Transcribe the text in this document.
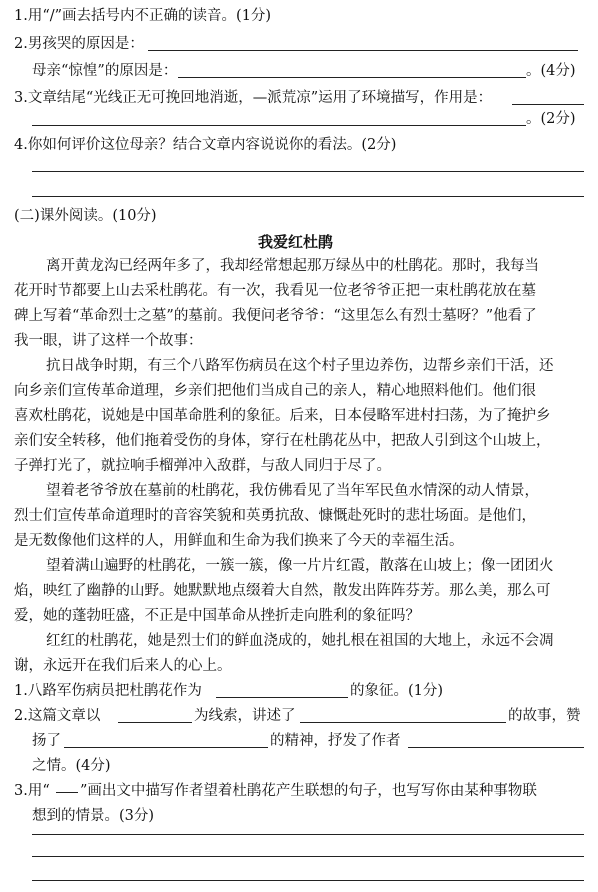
1.用“/”画去括号内不正确的读音。(1分)
2.男孩哭的原因是：
母亲“惊惶”的原因是：	。(4分)
3.文章结尾“光线正无可挽回地消逝，—派荒凉”运用了环境描写，作用是：
。(2分)
4.你如何评价这位母亲？结合文章内容说说你的看法。(2分)
(二)课外阅读。(10分)
我爱红杜鹃
离开黄龙沟已经两年多了，我却经常想起那万绿丛中的杜鹃花。那时，我每当
花开时节都要上山去采杜鹃花。有一次，我看见一位老爷爷正把一束杜鹃花放在墓
碑上写着“革命烈士之墓”的墓前。我便问老爷爷：“这里怎么有烈士墓呀？”他看了
我一眼，讲了这样一个故事：
抗日战争时期，有三个八路军伤病员在这个村子里边养伤，边帮乡亲们干活，还
向乡亲们宣传革命道理，乡亲们把他们当成自己的亲人，精心地照料他们。他们很
喜欢杜鹃花，说她是中国革命胜利的象征。后来，日本侵略军进村扫荡，为了掩护乡
亲们安全转移，他们拖着受伤的身体，穿行在杜鹃花丛中，把敌人引到这个山坡上，
子弹打光了，就拉响手榴弹冲入敌群，与敌人同归于尽了。
望着老爷爷放在墓前的杜鹃花，我仿佛看见了当年军民鱼水情深的动人情景，
烈士们宣传革命道理时的音容笑貌和英勇抗敌、慷慨赴死时的悲壮场面。是他们，
是无数像他们这样的人，用鲜血和生命为我们换来了今天的幸福生活。
望着满山遍野的杜鹃花，一簇一簇，像一片片红霞，散落在山坡上；像一团团火
焰，映红了幽静的山野。她默默地点缀着大自然，散发出阵阵芬芳。那么美，那么可
爱，她的蓬勃旺盛，不正是中国革命从挫折走向胜利的象征吗？
红红的杜鹃花，她是烈士们的鲜血浇成的，她扎根在祖国的大地上，永远不会凋
谢，永远开在我们后来人的心上。
1.八路军伤病员把杜鹃花作为	的象征。(1分)
2.这篇文章以	为线索，讲述了	的故事，赞
扬了	的精神，抒发了作者
之情。(4分)
3.用“ ”画出文中描写作者望着杜鹃花产生联想的句子，也写写你由某种事物联
想到的情景。(3分)
